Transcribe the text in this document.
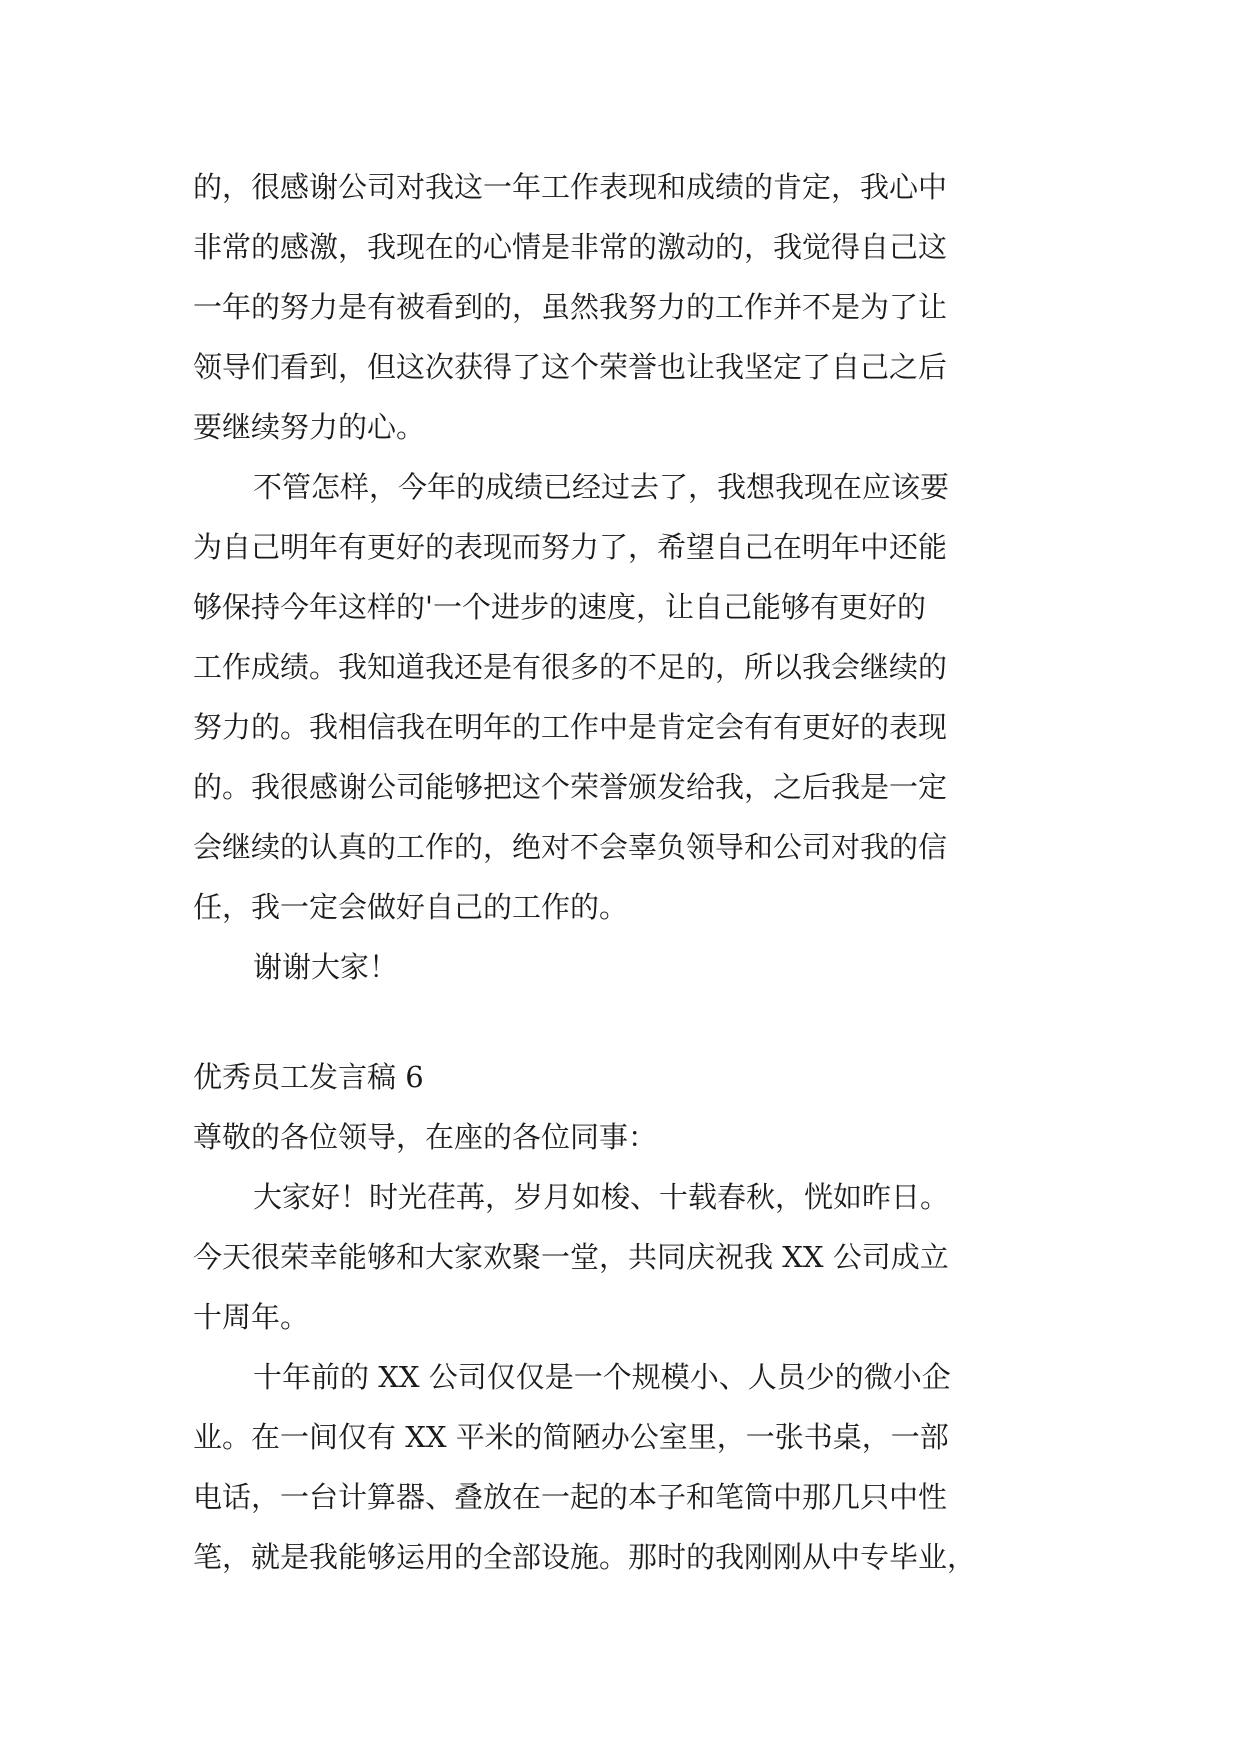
的，很感谢公司对我这一年工作表现和成绩的肯定，我心中
非常的感激，我现在的心情是非常的激动的，我觉得自己这
一年的努力是有被看到的，虽然我努力的工作并不是为了让
领导们看到，但这次获得了这个荣誉也让我坚定了自己之后
要继续努力的心。
不管怎样，今年的成绩已经过去了，我想我现在应该要
为自己明年有更好的表现而努力了，希望自己在明年中还能
够保持今年这样的'一个进步的速度，让自己能够有更好的
工作成绩。我知道我还是有很多的不足的，所以我会继续的
努力的。我相信我在明年的工作中是肯定会有有更好的表现
的。我很感谢公司能够把这个荣誉颁发给我，之后我是一定
会继续的认真的工作的，绝对不会辜负领导和公司对我的信
任，我一定会做好自己的工作的。
谢谢大家！
优秀员工发言稿 6
尊敬的各位领导，在座的各位同事：
大家好！时光荏苒，岁月如梭、十载春秋，恍如昨日。
今天很荣幸能够和大家欢聚一堂，共同庆祝我 XX 公司成立
十周年。
十年前的 XX 公司仅仅是一个规模小、人员少的微小企
业。在一间仅有 XX 平米的简陋办公室里，一张书桌，一部
电话，一台计算器、叠放在一起的本子和笔筒中那几只中性
笔，就是我能够运用的全部设施。那时的我刚刚从中专毕业，
